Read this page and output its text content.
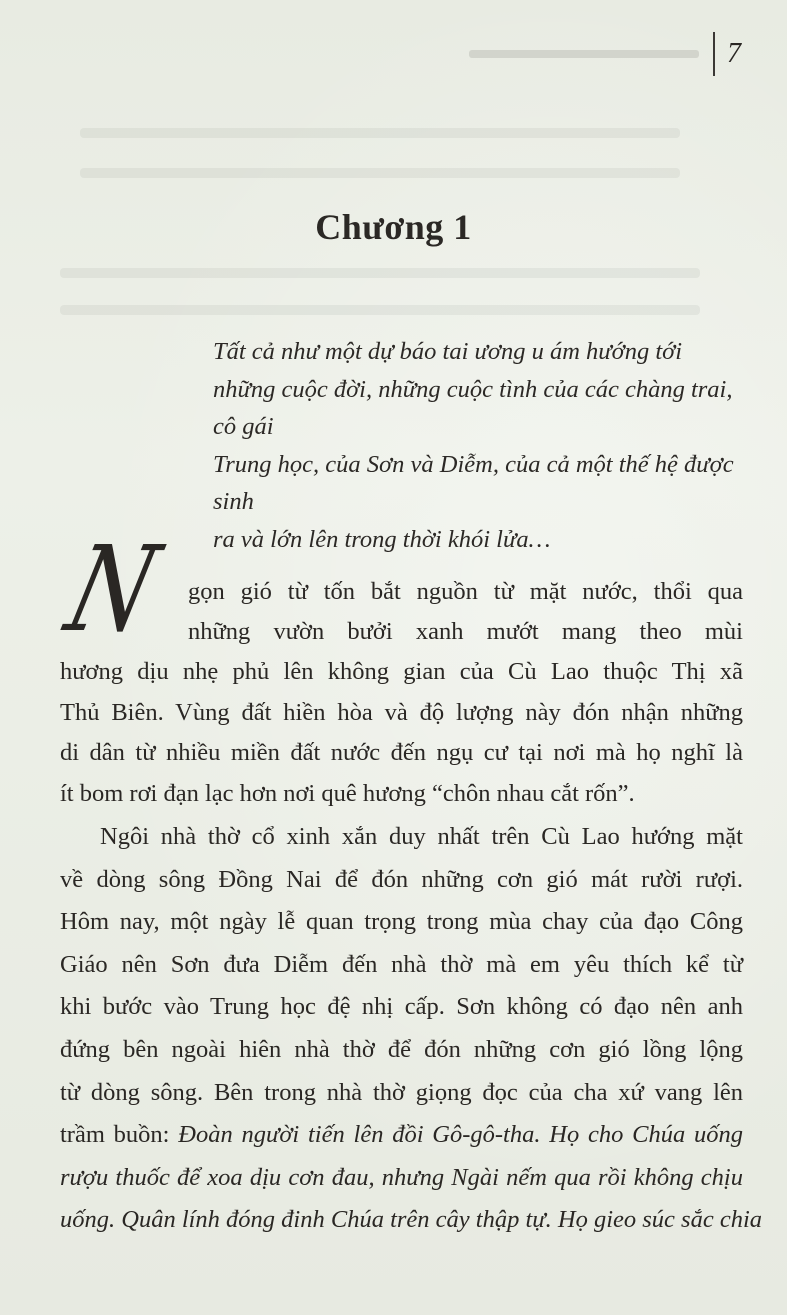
7
Chương 1
Tất cả như một dự báo tai ương u ám hướng tới
những cuộc đời, những cuộc tình của các chàng trai, cô gái
Trung học, của Sơn và Diễm, của cả một thế hệ được sinh
ra và lớn lên trong thời khói lửa…
N gọn gió từ tốn bắt nguồn từ mặt nước, thổi qua
những vườn bưởi xanh mướt mang theo mùi
hương dịu nhẹ phủ lên không gian của Cù Lao thuộc Thị xã
Thủ Biên. Vùng đất hiền hòa và độ lượng này đón nhận những
di dân từ nhiều miền đất nước đến ngụ cư tại nơi mà họ nghĩ là
ít bom rơi đạn lạc hơn nơi quê hương “chôn nhau cắt rốn”.
Ngôi nhà thờ cổ xinh xắn duy nhất trên Cù Lao hướng mặt
về dòng sông Đồng Nai để đón những cơn gió mát rười rượi.
Hôm nay, một ngày lễ quan trọng trong mùa chay của đạo Công
Giáo nên Sơn đưa Diễm đến nhà thờ mà em yêu thích kể từ
khi bước vào Trung học đệ nhị cấp. Sơn không có đạo nên anh
đứng bên ngoài hiên nhà thờ để đón những cơn gió lồng lộng
từ dòng sông. Bên trong nhà thờ giọng đọc của cha xứ vang lên
trầm buồn: Đoàn người tiến lên đồi Gô-gô-tha. Họ cho Chúa uống
rượu thuốc để xoa dịu cơn đau, nhưng Ngài nếm qua rồi không chịu
uống. Quân lính đóng đinh Chúa trên cây thập tự. Họ gieo súc sắc chia
